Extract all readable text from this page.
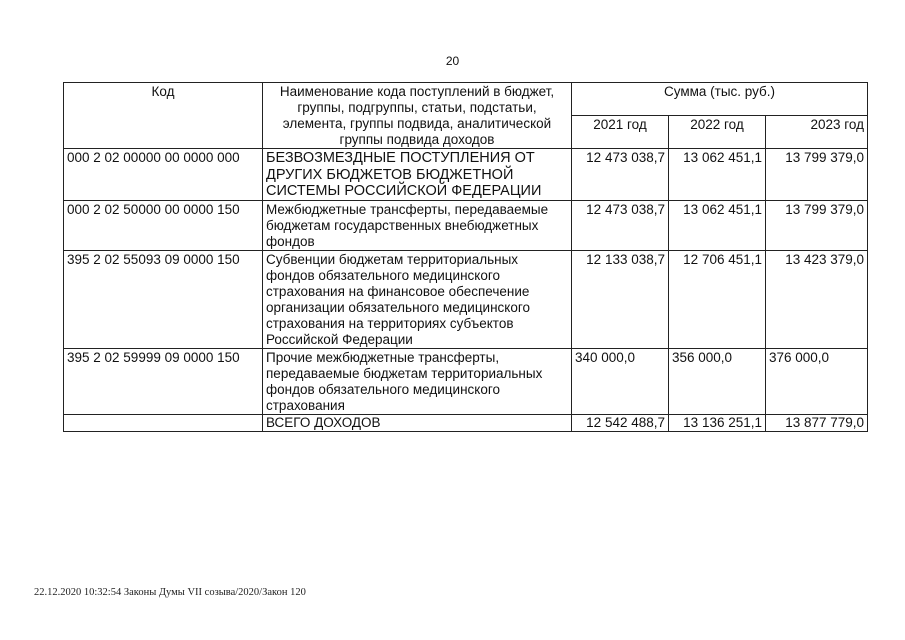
20
Код	Наименование кода поступлений в бюджет, группы, подгруппы, статьи, подстатьи, элемента, группы подвида, аналитической группы подвида доходов	Сумма (тыс. руб.)		
		2021 год	2022 год	2023 год
000 2 02 00000 00 0000 000	БЕЗВОЗМЕЗДНЫЕ ПОСТУПЛЕНИЯ ОТ ДРУГИХ БЮДЖЕТОВ БЮДЖЕТНОЙ СИСТЕМЫ РОССИЙСКОЙ ФЕДЕРАЦИИ	12 473 038,7	13 062 451,1	13 799 379,0
000 2 02 50000 00 0000 150	Межбюджетные трансферты, передаваемые бюджетам государственных внебюджетных фондов	12 473 038,7	13 062 451,1	13 799 379,0
395 2 02 55093 09 0000 150	Субвенции бюджетам территориальных фондов обязательного медицинского страхования на финансовое обеспечение организации обязательного медицинского страхования на территориях субъектов Российской Федерации	12 133 038,7	12 706 451,1	13 423 379,0
395 2 02 59999 09 0000 150	Прочие межбюджетные трансферты, передаваемые бюджетам территориальных фондов обязательного медицинского страхования	340 000,0	356 000,0	376 000,0
	ВСЕГО ДОХОДОВ	12 542 488,7	13 136 251,1	13 877 779,0
22.12.2020 10:32:54 Законы Думы VII созыва/2020/Закон 120
